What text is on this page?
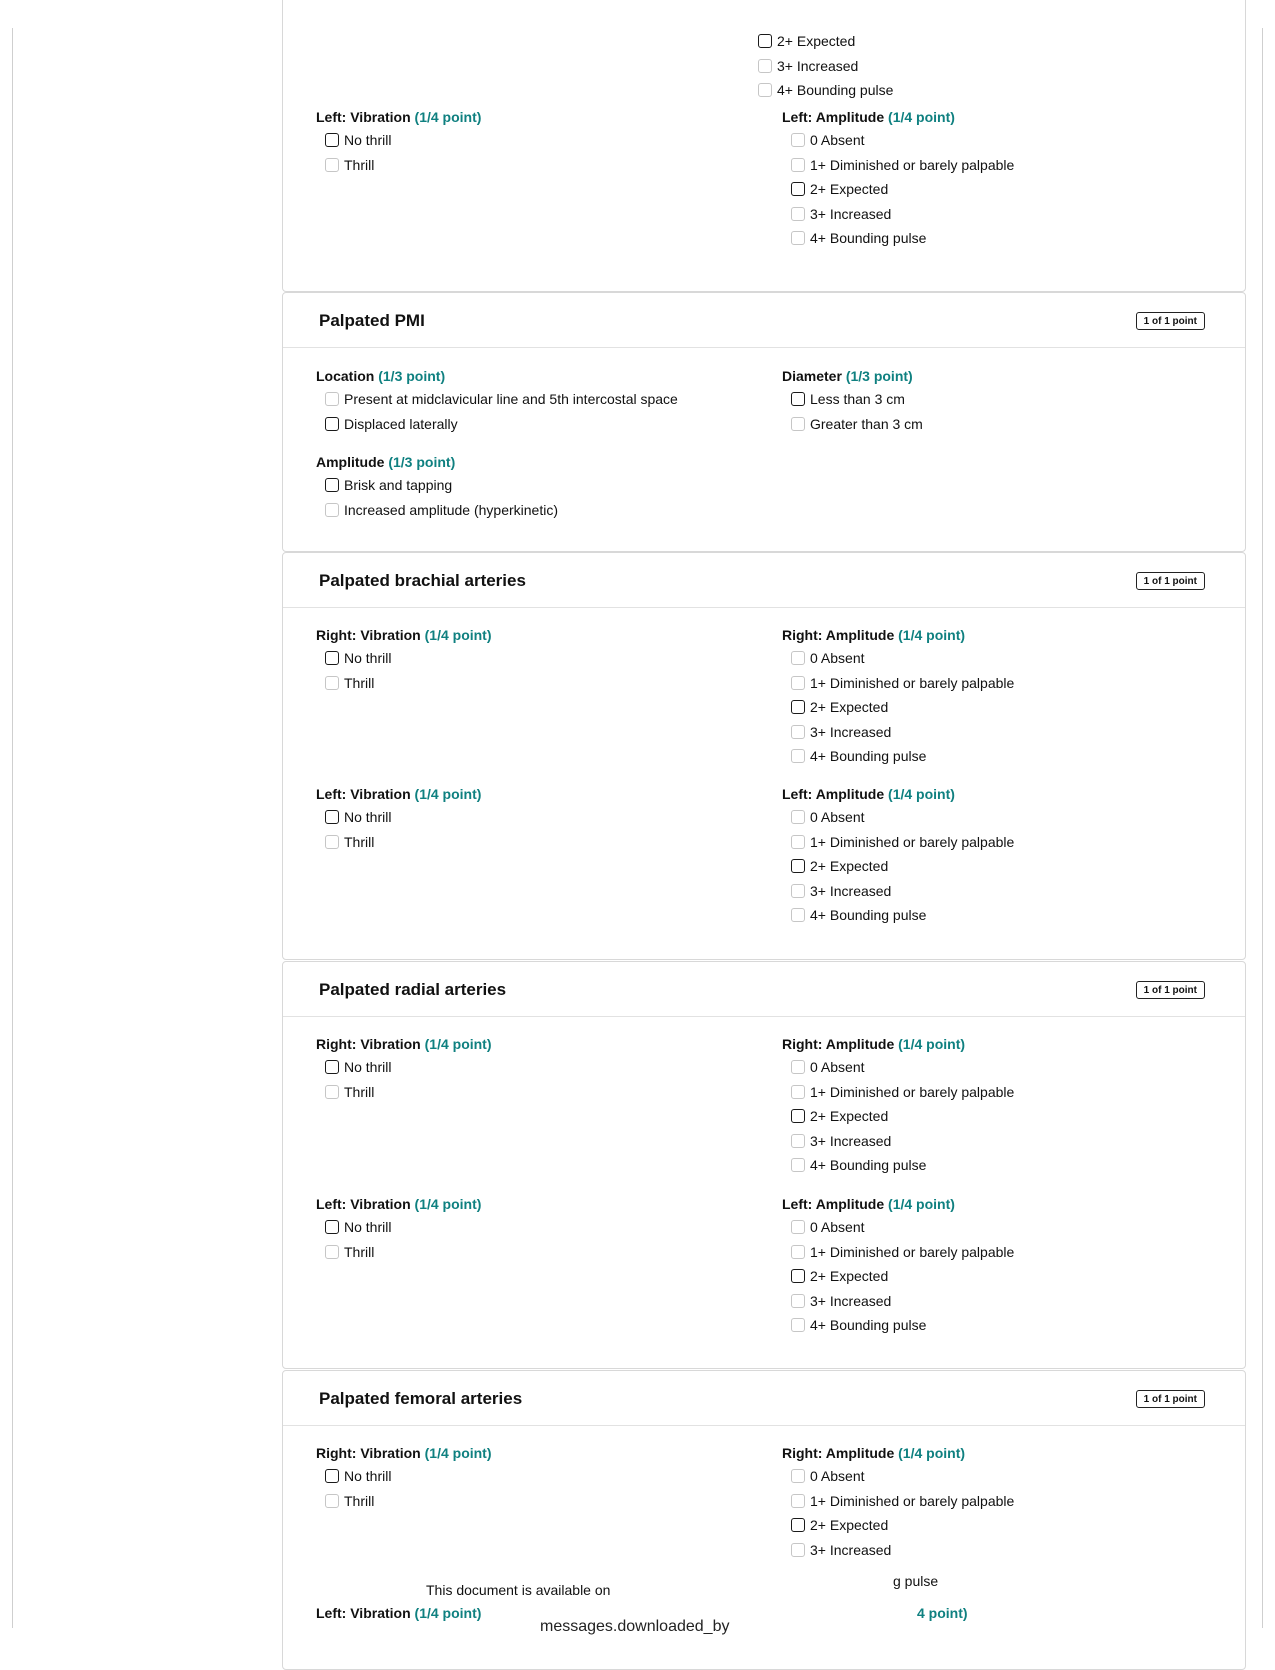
2+ Expected
3+ Increased
4+ Bounding pulse
Left: Vibration (1/4 point)
No thrill
Thrill
Left: Amplitude (1/4 point)
0 Absent
1+ Diminished or barely palpable
2+ Expected
3+ Increased
4+ Bounding pulse
Palpated PMI	1 of 1 point
Location (1/3 point)
Present at midclavicular line and 5th intercostal space
Displaced laterally
Diameter (1/3 point)
Less than 3 cm
Greater than 3 cm
Amplitude (1/3 point)
Brisk and tapping
Increased amplitude (hyperkinetic)
Palpated brachial arteries	1 of 1 point
Right: Vibration (1/4 point)
No thrill
Thrill
Right: Amplitude (1/4 point)
0 Absent
1+ Diminished or barely palpable
2+ Expected
3+ Increased
4+ Bounding pulse
Left: Vibration (1/4 point)
No thrill
Thrill
Left: Amplitude (1/4 point)
0 Absent
1+ Diminished or barely palpable
2+ Expected
3+ Increased
4+ Bounding pulse
Palpated radial arteries	1 of 1 point
Right: Vibration (1/4 point)
No thrill
Thrill
Right: Amplitude (1/4 point)
0 Absent
1+ Diminished or barely palpable
2+ Expected
3+ Increased
4+ Bounding pulse
Left: Vibration (1/4 point)
No thrill
Thrill
Left: Amplitude (1/4 point)
0 Absent
1+ Diminished or barely palpable
2+ Expected
3+ Increased
4+ Bounding pulse
Palpated femoral arteries	1 of 1 point
Right: Vibration (1/4 point)
No thrill
Thrill
Right: Amplitude (1/4 point)
0 Absent
1+ Diminished or barely palpable
2+ Expected
3+ Increased
g pulse
Left: Vibration (1/4 point)	4 point)
This document is available on
messages.downloaded_by
